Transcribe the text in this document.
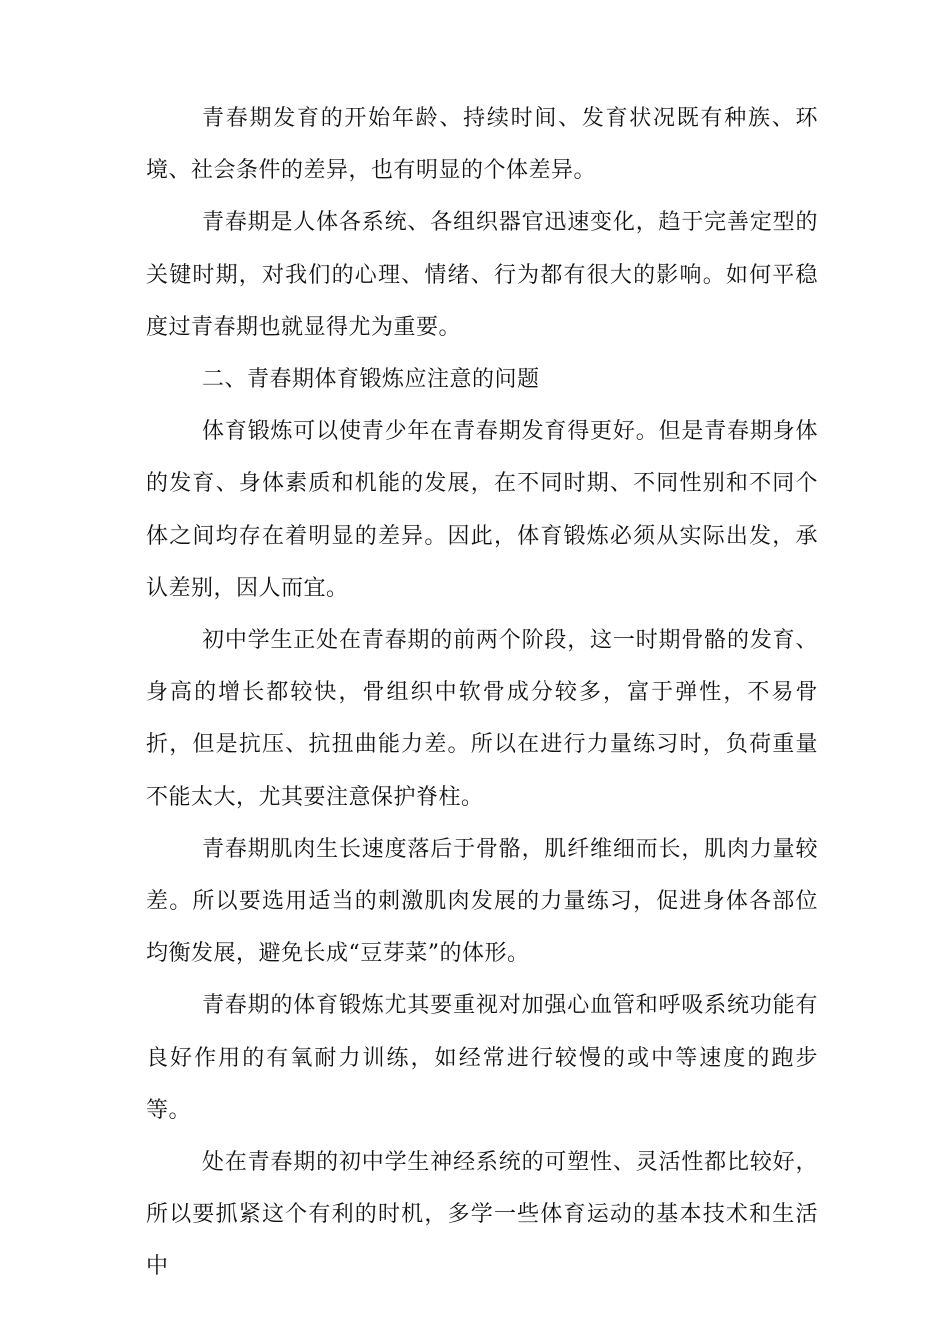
青春期发育的开始年龄、持续时间、发育状况既有种族、环境、社会条件的差异，也有明显的个体差异。

青春期是人体各系统、各组织器官迅速变化，趋于完善定型的关键时期，对我们的心理、情绪、行为都有很大的影响。如何平稳度过青春期也就显得尤为重要。

二、青春期体育锻炼应注意的问题

体育锻炼可以使青少年在青春期发育得更好。但是青春期身体的发育、身体素质和机能的发展，在不同时期、不同性别和不同个体之间均存在着明显的差异。因此，体育锻炼必须从实际出发，承认差别，因人而宜。

初中学生正处在青春期的前两个阶段，这一时期骨骼的发育、身高的增长都较快，骨组织中软骨成分较多，富于弹性，不易骨折，但是抗压、抗扭曲能力差。所以在进行力量练习时，负荷重量不能太大，尤其要注意保护脊柱。

青春期肌肉生长速度落后于骨骼，肌纤维细而长，肌肉力量较差。所以要选用适当的刺激肌肉发展的力量练习，促进身体各部位均衡发展，避免长成“豆芽菜”的体形。

青春期的体育锻炼尤其要重视对加强心血管和呼吸系统功能有良好作用的有氧耐力训练，如经常进行较慢的或中等速度的跑步等。

处在青春期的初中学生神经系统的可塑性、灵活性都比较好，所以要抓紧这个有利的时机，多学一些体育运动的基本技术和生活中
